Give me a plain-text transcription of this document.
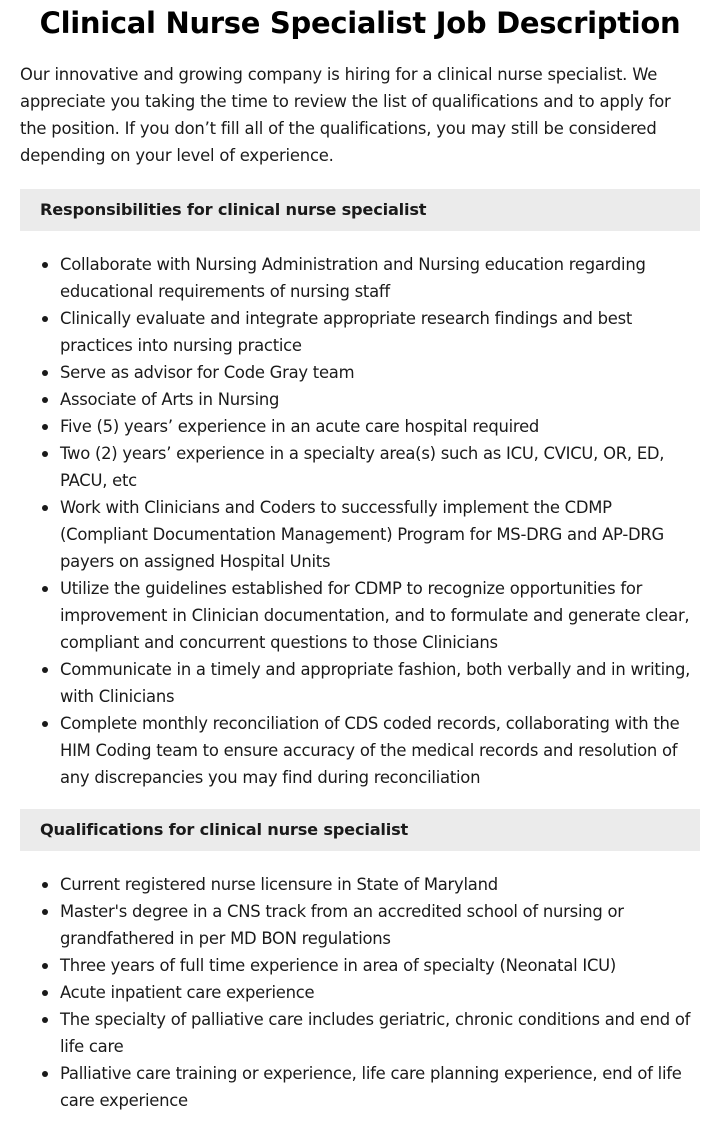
Clinical Nurse Specialist Job Description

Our innovative and growing company is hiring for a clinical nurse specialist. We appreciate you taking the time to review the list of qualifications and to apply for the position. If you don’t fill all of the qualifications, you may still be considered depending on your level of experience.

Responsibilities for clinical nurse specialist
Collaborate with Nursing Administration and Nursing education regarding educational requirements of nursing staff
Clinically evaluate and integrate appropriate research findings and best practices into nursing practice
Serve as advisor for Code Gray team
Associate of Arts in Nursing
Five (5) years’ experience in an acute care hospital required
Two (2) years’ experience in a specialty area(s) such as ICU, CVICU, OR, ED, PACU, etc
Work with Clinicians and Coders to successfully implement the CDMP (Compliant Documentation Management) Program for MS-DRG and AP-DRG payers on assigned Hospital Units
Utilize the guidelines established for CDMP to recognize opportunities for improvement in Clinician documentation, and to formulate and generate clear, compliant and concurrent questions to those Clinicians
Communicate in a timely and appropriate fashion, both verbally and in writing, with Clinicians
Complete monthly reconciliation of CDS coded records, collaborating with the HIM Coding team to ensure accuracy of the medical records and resolution of any discrepancies you may find during reconciliation
Qualifications for clinical nurse specialist
Current registered nurse licensure in State of Maryland
Master's degree in a CNS track from an accredited school of nursing or grandfathered in per MD BON regulations
Three years of full time experience in area of specialty (Neonatal ICU)
Acute inpatient care experience
The specialty of palliative care includes geriatric, chronic conditions and end of life care
Palliative care training or experience, life care planning experience, end of life care experience
